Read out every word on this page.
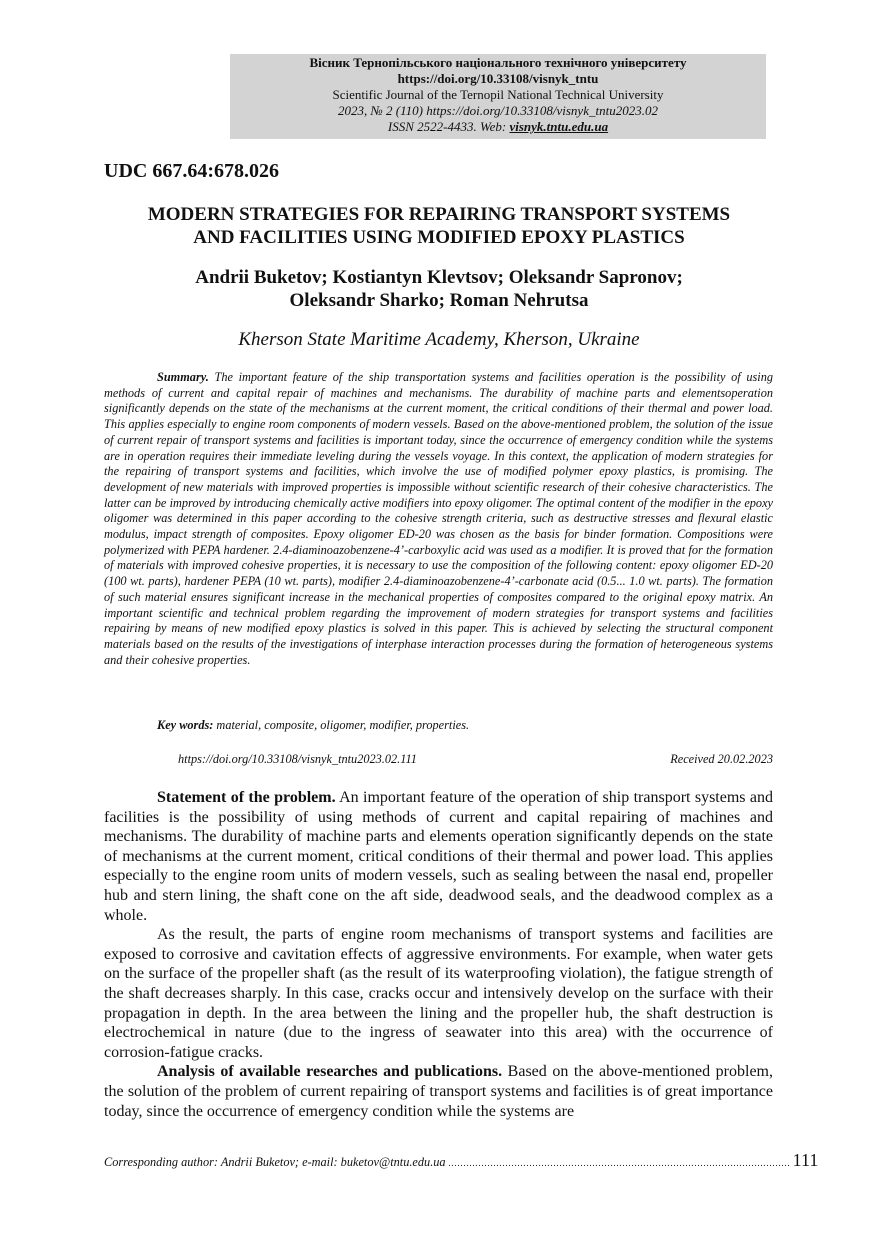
Вісник Тернопільського національного технічного університету
https://doi.org/10.33108/visnyk_tntu
Scientific Journal of the Ternopil National Technical University
2023, № 2 (110) https://doi.org/10.33108/visnyk_tntu2023.02
ISSN 2522-4433. Web: visnyk.tntu.edu.ua
UDC 667.64:678.026
MODERN STRATEGIES FOR REPAIRING TRANSPORT SYSTEMS
AND FACILITIES USING MODIFIED EPOXY PLASTICS
Andrii Buketov; Kostiantyn Klevtsov; Oleksandr Sapronov;
Oleksandr Sharko; Roman Nehrutsa
Kherson State Maritime Academy, Kherson, Ukraine
Summary. The important feature of the ship transportation systems and facilities operation is the possibility of using methods of current and capital repair of machines and mechanisms. The durability of machine parts and elementsoperation significantly depends on the state of the mechanisms at the current moment, the critical conditions of their thermal and power load. This applies especially to engine room components of modern vessels. Based on the above-mentioned problem, the solution of the issue of current repair of transport systems and facilities is important today, since the occurrence of emergency condition while the systems are in operation requires their immediate leveling during the vessels voyage. In this context, the application of modern strategies for the repairing of transport systems and facilities, which involve the use of modified polymer epoxy plastics, is promising. The development of new materials with improved properties is impossible without scientific research of their cohesive characteristics. The latter can be improved by introducing chemically active modifiers into epoxy oligomer. The optimal content of the modifier in the epoxy oligomer was determined in this paper according to the cohesive strength criteria, such as destructive stresses and flexural elastic modulus, impact strength of composites. Epoxy oligomer ED-20 was chosen as the basis for binder formation. Compositions were polymerized with PEPA hardener. 2.4-diaminoazobenzene-4’-carboxylic acid was used as a modifier. It is proved that for the formation of materials with improved cohesive properties, it is necessary to use the composition of the following content: epoxy oligomer ED-20 (100 wt. parts), hardener PEPA (10 wt. parts), modifier 2.4-diaminoazobenzene-4’-carbonate acid (0.5... 1.0 wt. parts). The formation of such material ensures significant increase in the mechanical properties of composites compared to the original epoxy matrix. An important scientific and technical problem regarding the improvement of modern strategies for transport systems and facilities repairing by means of new modified epoxy plastics is solved in this paper. This is achieved by selecting the structural component materials based on the results of the investigations of interphase interaction processes during the formation of heterogeneous systems and their cohesive properties.
Key words: material, composite, oligomer, modifier, properties.
https://doi.org/10.33108/visnyk_tntu2023.02.111	Received 20.02.2023

Statement of the problem. An important feature of the operation of ship transport systems and facilities is the possibility of using methods of current and capital repairing of machines and mechanisms. The durability of machine parts and elements operation significantly depends on the state of mechanisms at the current moment, critical conditions of their thermal and power load. This applies especially to the engine room units of modern vessels, such as sealing between the nasal end, propeller hub and stern lining, the shaft cone on the aft side, deadwood seals, and the deadwood complex as a whole.

As the result, the parts of engine room mechanisms of transport systems and facilities are exposed to corrosive and cavitation effects of aggressive environments. For example, when water gets on the surface of the propeller shaft (as the result of its waterproofing violation), the fatigue strength of the shaft decreases sharply. In this case, cracks occur and intensively develop on the surface with their propagation in depth. In the area between the lining and the propeller hub, the shaft destruction is electrochemical in nature (due to the ingress of seawater into this area) with the occurrence of corrosion-fatigue cracks.

Analysis of available researches and publications. Based on the above-mentioned problem, the solution of the problem of current repairing of transport systems and facilities is of great importance today, since the occurrence of emergency condition while the systems are

Corresponding author: Andrii Buketov; e-mail: buketov@tntu.edu.ua …………………………………………………………………………………………………… 111
